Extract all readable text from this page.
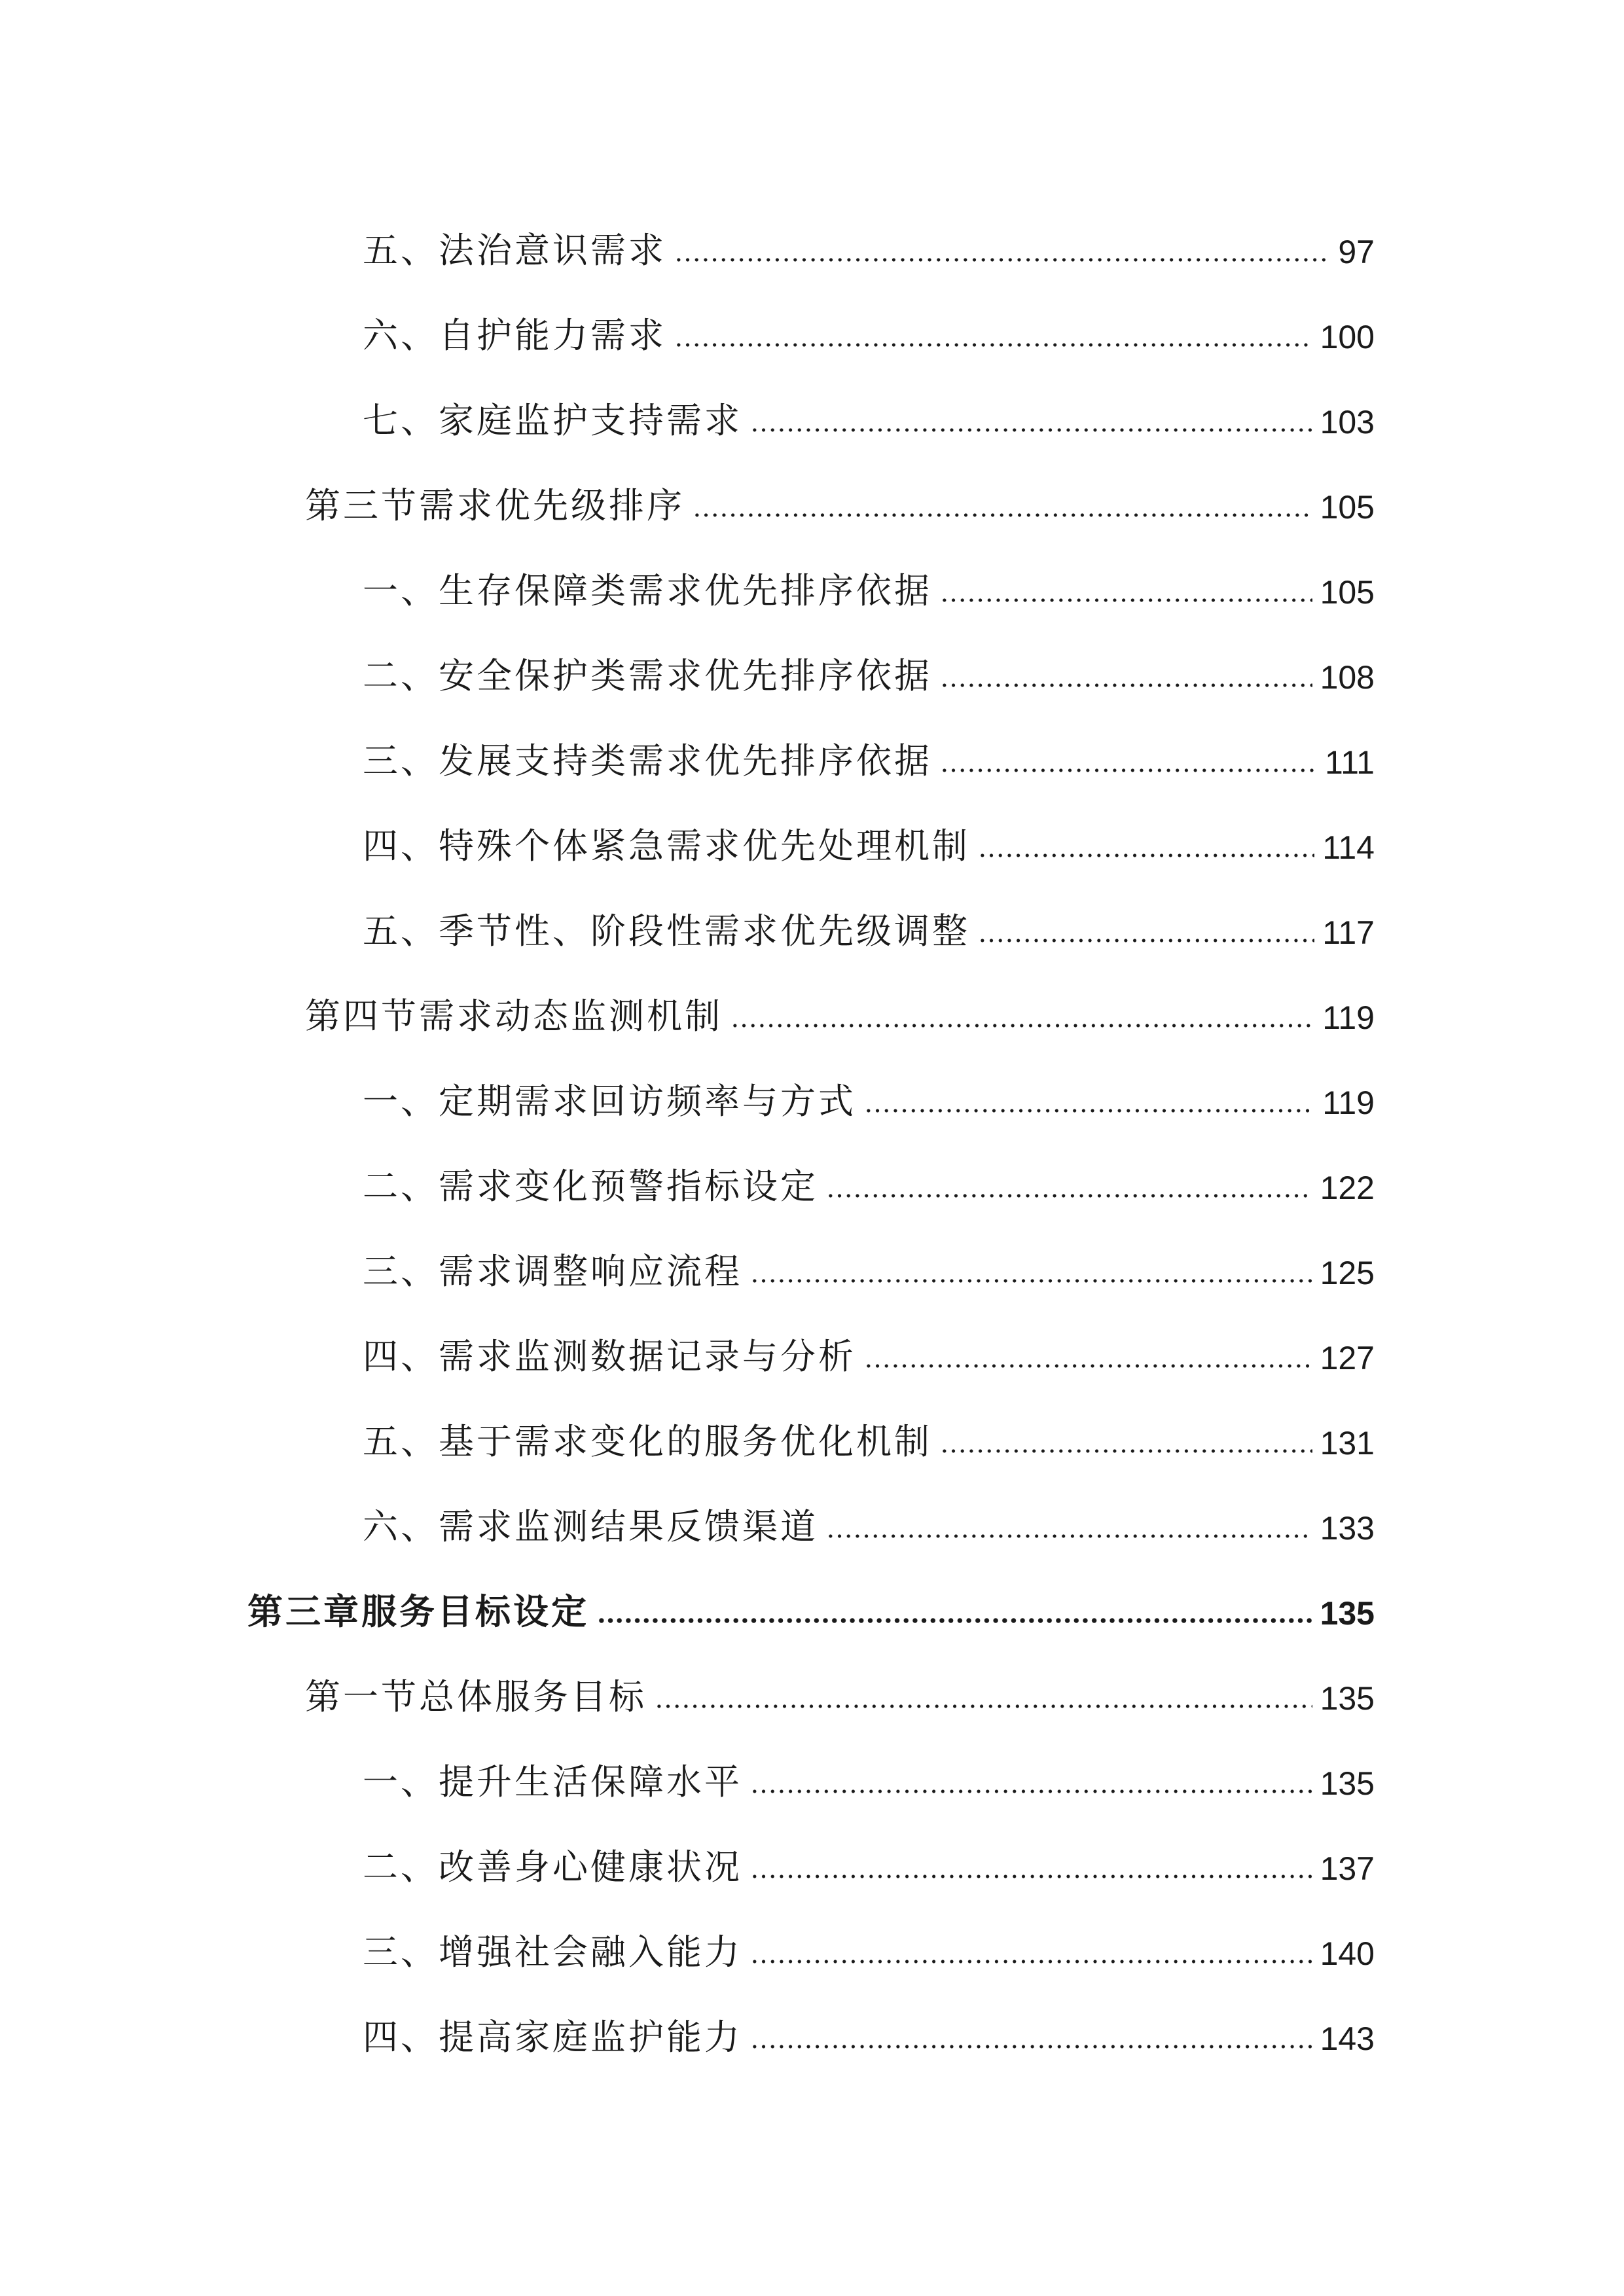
五、法治意识需求	97
六、自护能力需求	100
七、家庭监护支持需求	103
第三节需求优先级排序	105
一、生存保障类需求优先排序依据	105
二、安全保护类需求优先排序依据	108
三、发展支持类需求优先排序依据	111
四、特殊个体紧急需求优先处理机制	114
五、季节性、阶段性需求优先级调整	117
第四节需求动态监测机制	119
一、定期需求回访频率与方式	119
二、需求变化预警指标设定	122
三、需求调整响应流程	125
四、需求监测数据记录与分析	127
五、基于需求变化的服务优化机制	131
六、需求监测结果反馈渠道	133
第三章服务目标设定	135
第一节总体服务目标	135
一、提升生活保障水平	135
二、改善身心健康状况	137
三、增强社会融入能力	140
四、提高家庭监护能力	143
